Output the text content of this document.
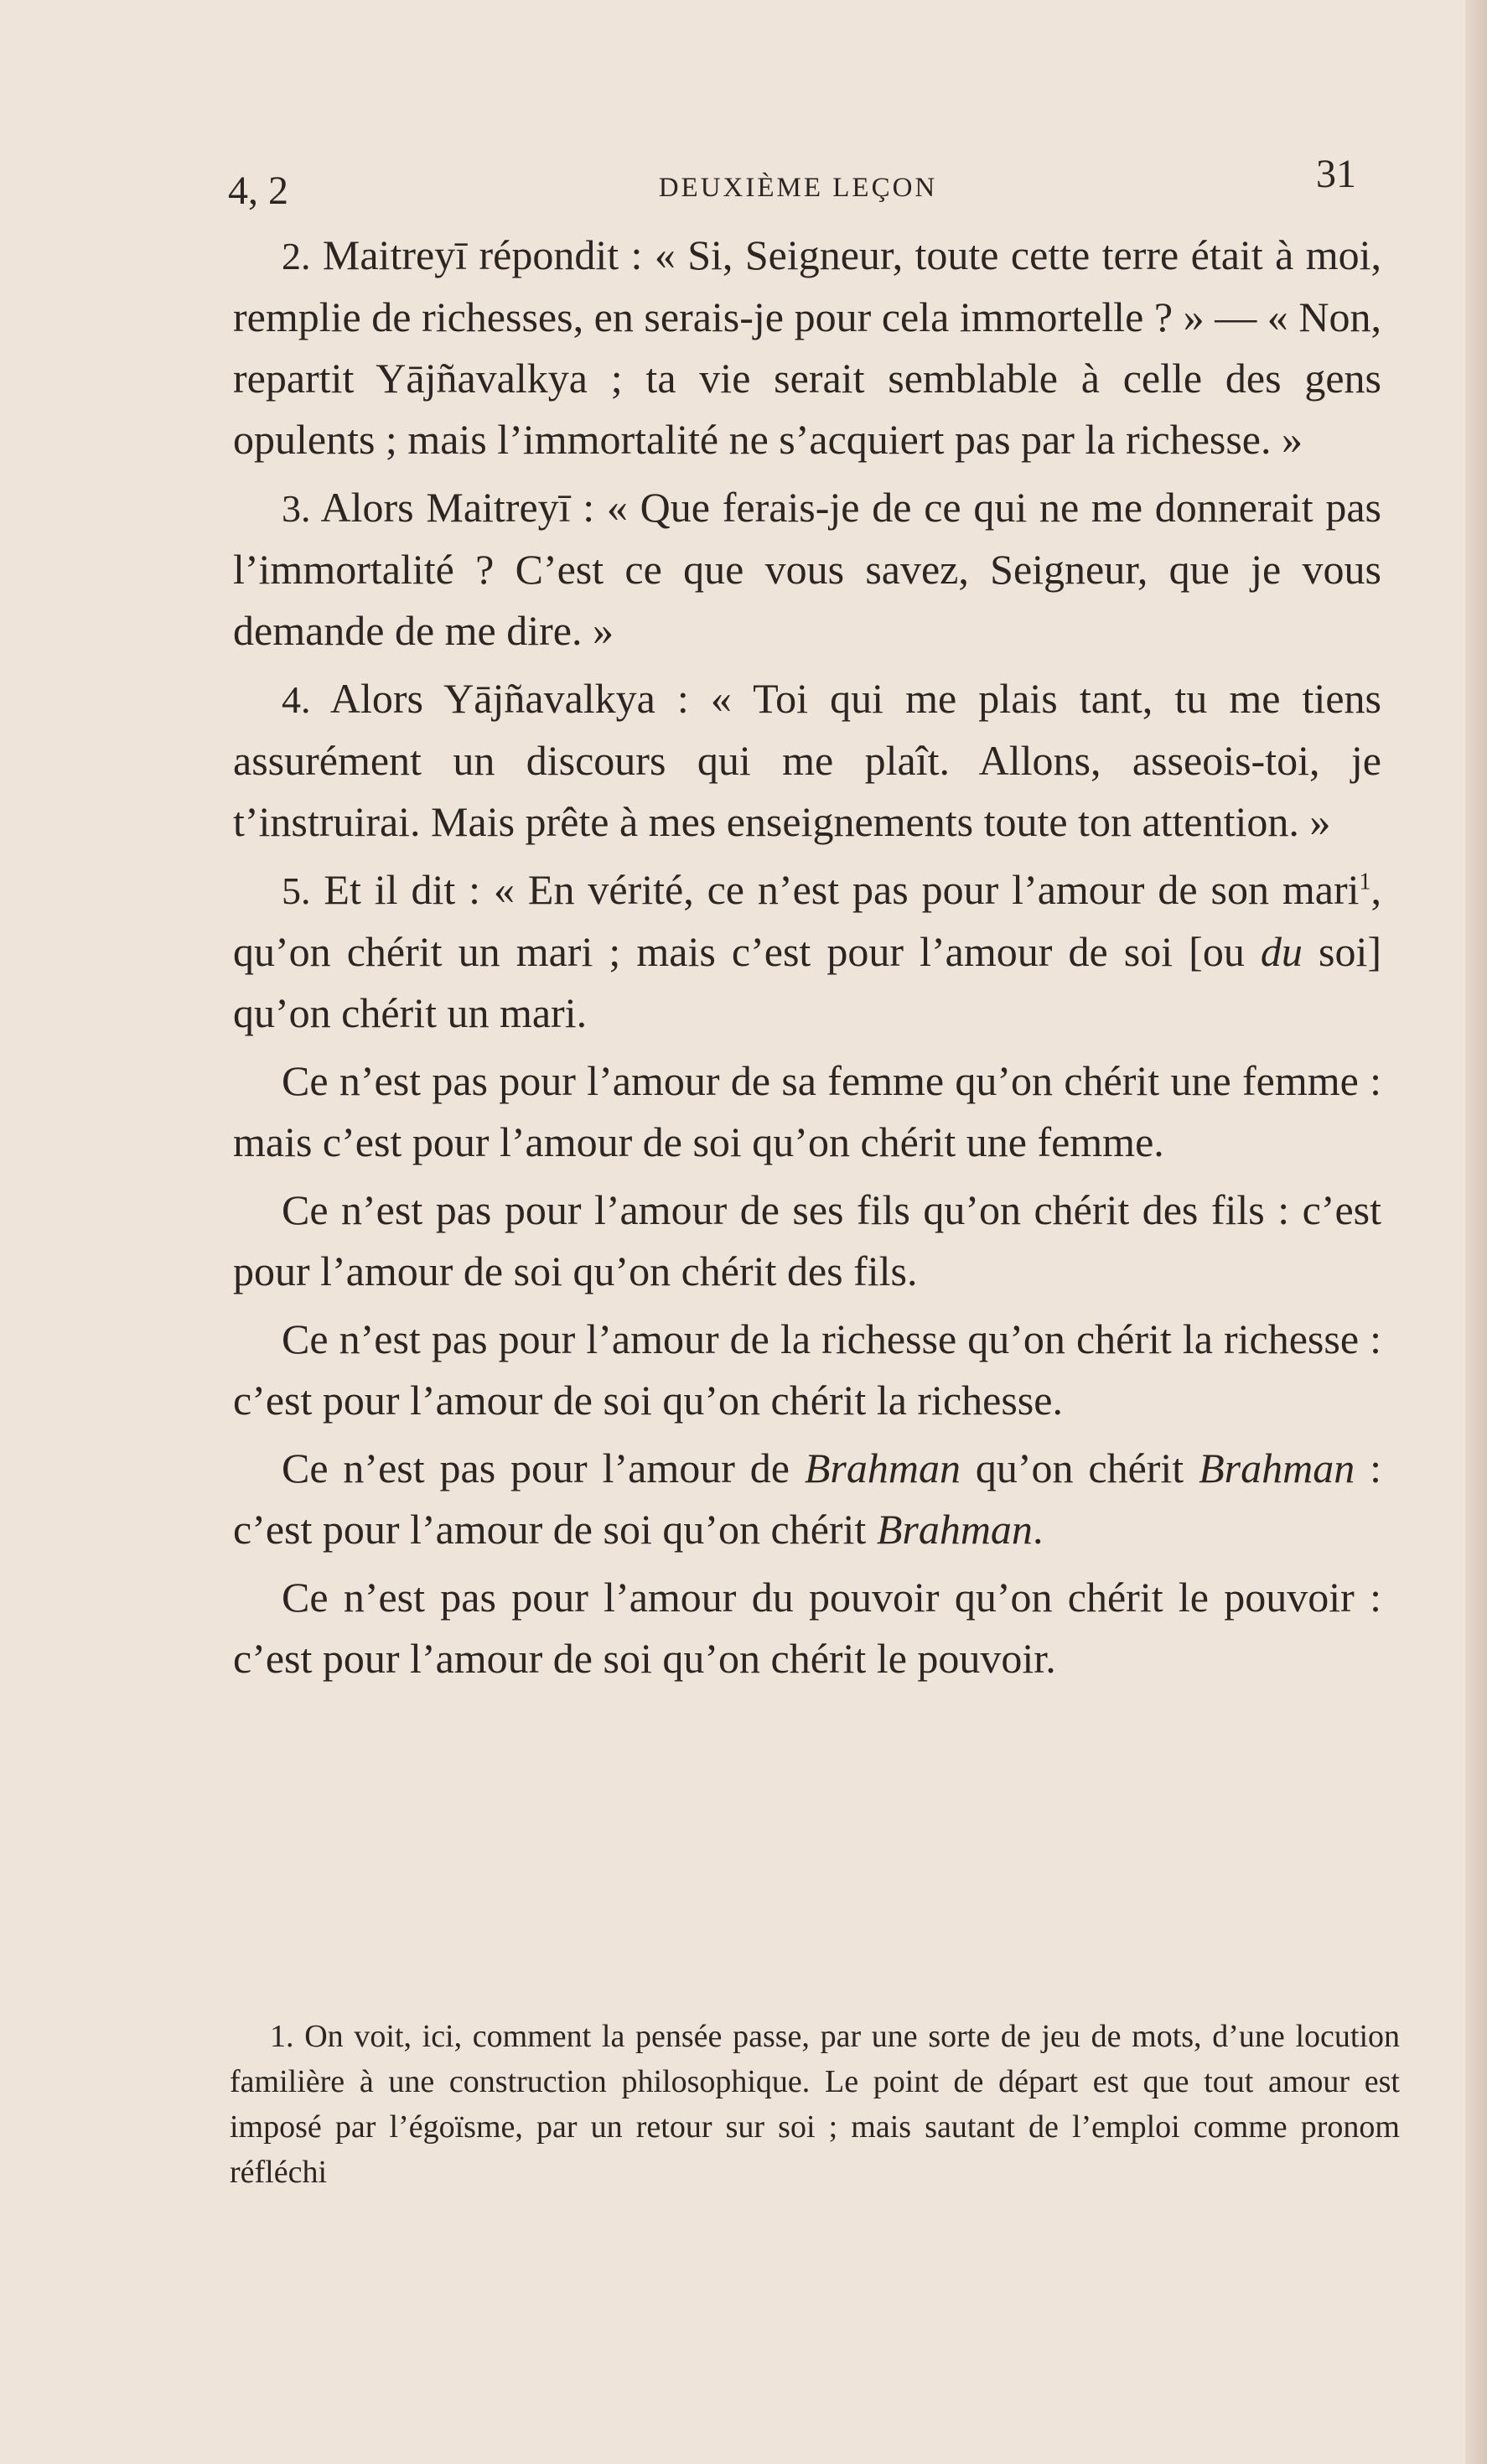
4, 2	DEUXIÈME LEÇON	31

2. Maitreyī répondit : « Si, Seigneur, toute cette terre était à moi, remplie de richesses, en serais-je pour cela immortelle ? » — « Non, repartit Yājñavalkya ; ta vie serait semblable à celle des gens opulents ; mais l’immortalité ne s’acquiert pas par la richesse. »

3. Alors Maitreyī : « Que ferais-je de ce qui ne me donnerait pas l’immortalité ? C’est ce que vous savez, Seigneur, que je vous demande de me dire. »

4. Alors Yājñavalkya : « Toi qui me plais tant, tu me tiens assurément un discours qui me plaît. Allons, asseois-toi, je t’instruirai. Mais prête à mes enseignements toute ton attention. »

5. Et il dit : « En vérité, ce n’est pas pour l’amour de son mari$^1$, qu’on chérit un mari ; mais c’est pour l’amour de soi [ou du soi] qu’on chérit un mari.

Ce n’est pas pour l’amour de sa femme qu’on chérit une femme : mais c’est pour l’amour de soi qu’on chérit une femme.

Ce n’est pas pour l’amour de ses fils qu’on chérit des fils : c’est pour l’amour de soi qu’on chérit des fils.

Ce n’est pas pour l’amour de la richesse qu’on chérit la richesse : c’est pour l’amour de soi qu’on chérit la richesse.

Ce n’est pas pour l’amour de Brahman qu’on chérit Brahman : c’est pour l’amour de soi qu’on chérit Brahman.

Ce n’est pas pour l’amour du pouvoir qu’on chérit le pouvoir : c’est pour l’amour de soi qu’on chérit le pouvoir.

1. On voit, ici, comment la pensée passe, par une sorte de jeu de mots, d’une locution familière à une construction philosophique. Le point de départ est que tout amour est imposé par l’égoïsme, par un retour sur soi ; mais sautant de l’emploi comme pronom réfléchi
